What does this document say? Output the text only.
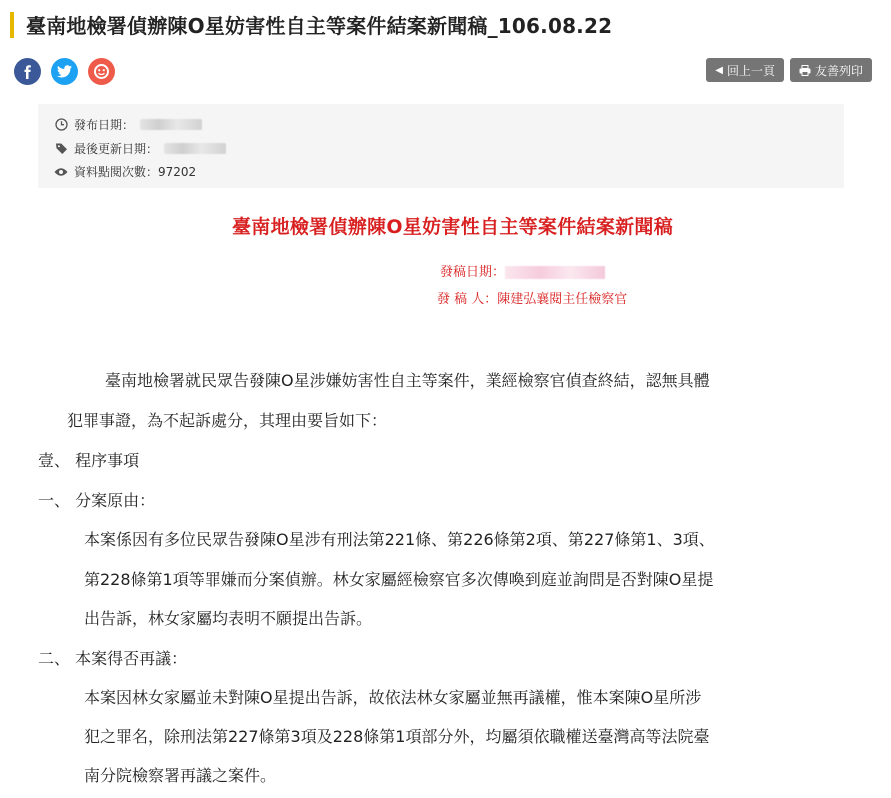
臺南地檢署偵辦陳O星妨害性自主等案件結案新聞稿_106.08.22
◀ 回上一頁	友善列印
發布日期：
最後更新日期：
資料點閱次數： 97202
臺南地檢署偵辦陳O星妨害性自主等案件結案新聞稿
發稿日期：
發 稿 人：陳建弘襄閱主任檢察官
臺南地檢署就民眾告發陳O星涉嫌妨害性自主等案件，業經檢察官偵查終結，認無具體
犯罪事證，為不起訴處分，其理由要旨如下：
壹、 程序事項
一、 分案原由：
本案係因有多位民眾告發陳O星涉有刑法第221條、第226條第2項、第227條第1、3項、
第228條第1項等罪嫌而分案偵辦。林女家屬經檢察官多次傳喚到庭並詢問是否對陳O星提
出告訴，林女家屬均表明不願提出告訴。
二、 本案得否再議：
本案因林女家屬並未對陳O星提出告訴，故依法林女家屬並無再議權，惟本案陳O星所涉
犯之罪名，除刑法第227條第3項及228條第1項部分外，均屬須依職權送臺灣高等法院臺
南分院檢察署再議之案件。
